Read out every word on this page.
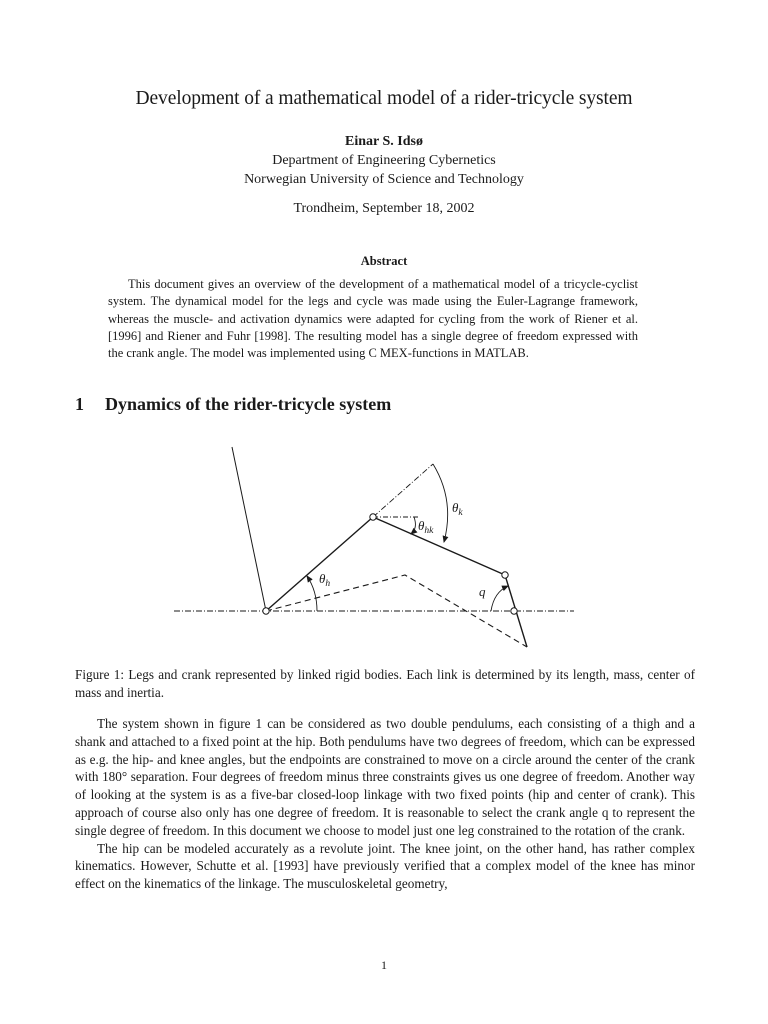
Development of a mathematical model of a rider-tricycle system
Einar S. Idsø
Department of Engineering Cybernetics
Norwegian University of Science and Technology
Trondheim, September 18, 2002
Abstract

This document gives an overview of the development of a mathematical model of a tricycle-cyclist system. The dynamical model for the legs and cycle was made using the Euler-Lagrange framework, whereas the muscle- and activation dynamics were adapted for cycling from the work of Riener et al. [1996] and Riener and Fuhr [1998]. The resulting model has a single degree of freedom expressed with the crank angle. The model was implemented using C MEX-functions in MATLAB.

1 Dynamics of the rider-tricycle system
$\theta_k$
$\theta_{hk}$
$\theta_h$	q

Figure 1: Legs and crank represented by linked rigid bodies. Each link is determined by its length, mass, center of mass and inertia.

The system shown in figure 1 can be considered as two double pendulums, each consisting of a thigh and a shank and attached to a fixed point at the hip. Both pendulums have two degrees of freedom, which can be expressed as e.g. the hip- and knee angles, but the endpoints are constrained to move on a circle around the center of the crank with 180° separation. Four degrees of freedom minus three constraints gives us one degree of freedom. Another way of looking at the system is as a five-bar closed-loop linkage with two fixed points (hip and center of crank). This approach of course also only has one degree of freedom. It is reasonable to select the crank angle q to represent the single degree of freedom. In this document we choose to model just one leg constrained to the rotation of the crank.

The hip can be modeled accurately as a revolute joint. The knee joint, on the other hand, has rather complex kinematics. However, Schutte et al. [1993] have previously verified that a complex model of the knee has minor effect on the kinematics of the linkage. The musculoskeletal geometry,

1
